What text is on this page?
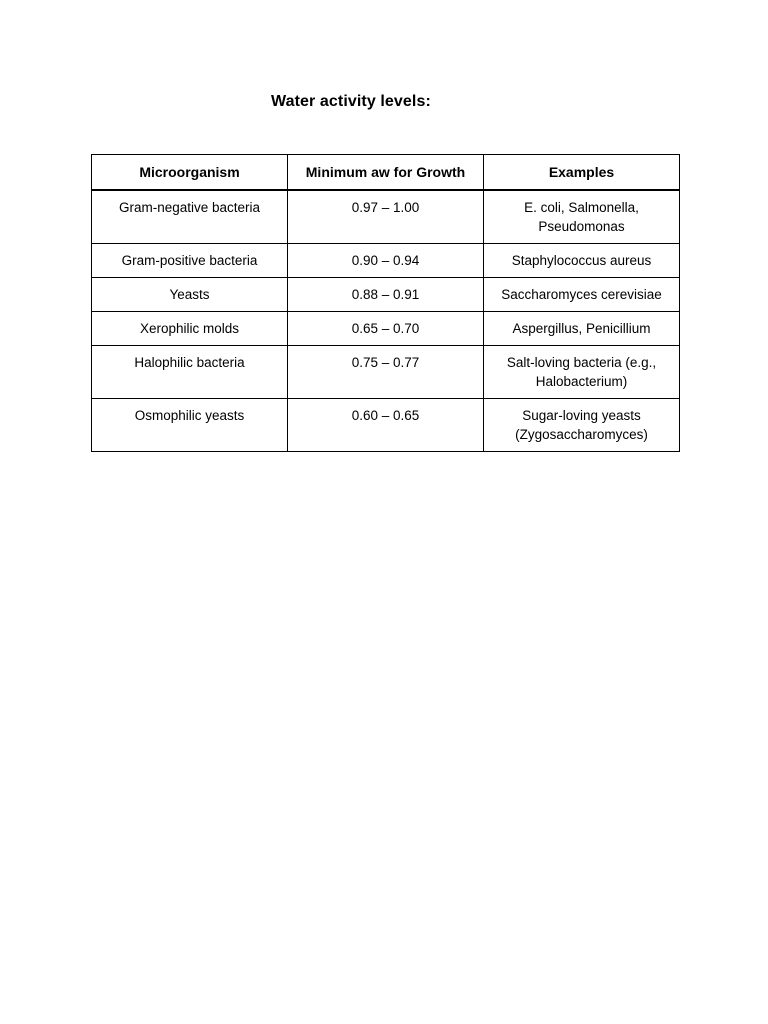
Water activity levels:
Microorganism	Minimum aw for Growth	Examples
Gram-negative bacteria	0.97 – 1.00	E. coli, Salmonella, Pseudomonas
Gram-positive bacteria	0.90 – 0.94	Staphylococcus aureus
Yeasts	0.88 – 0.91	Saccharomyces cerevisiae
Xerophilic molds	0.65 – 0.70	Aspergillus, Penicillium
Halophilic bacteria	0.75 – 0.77	Salt-loving bacteria (e.g., Halobacterium)
Osmophilic yeasts	0.60 – 0.65	Sugar-loving yeasts (Zygosaccharomyces)
